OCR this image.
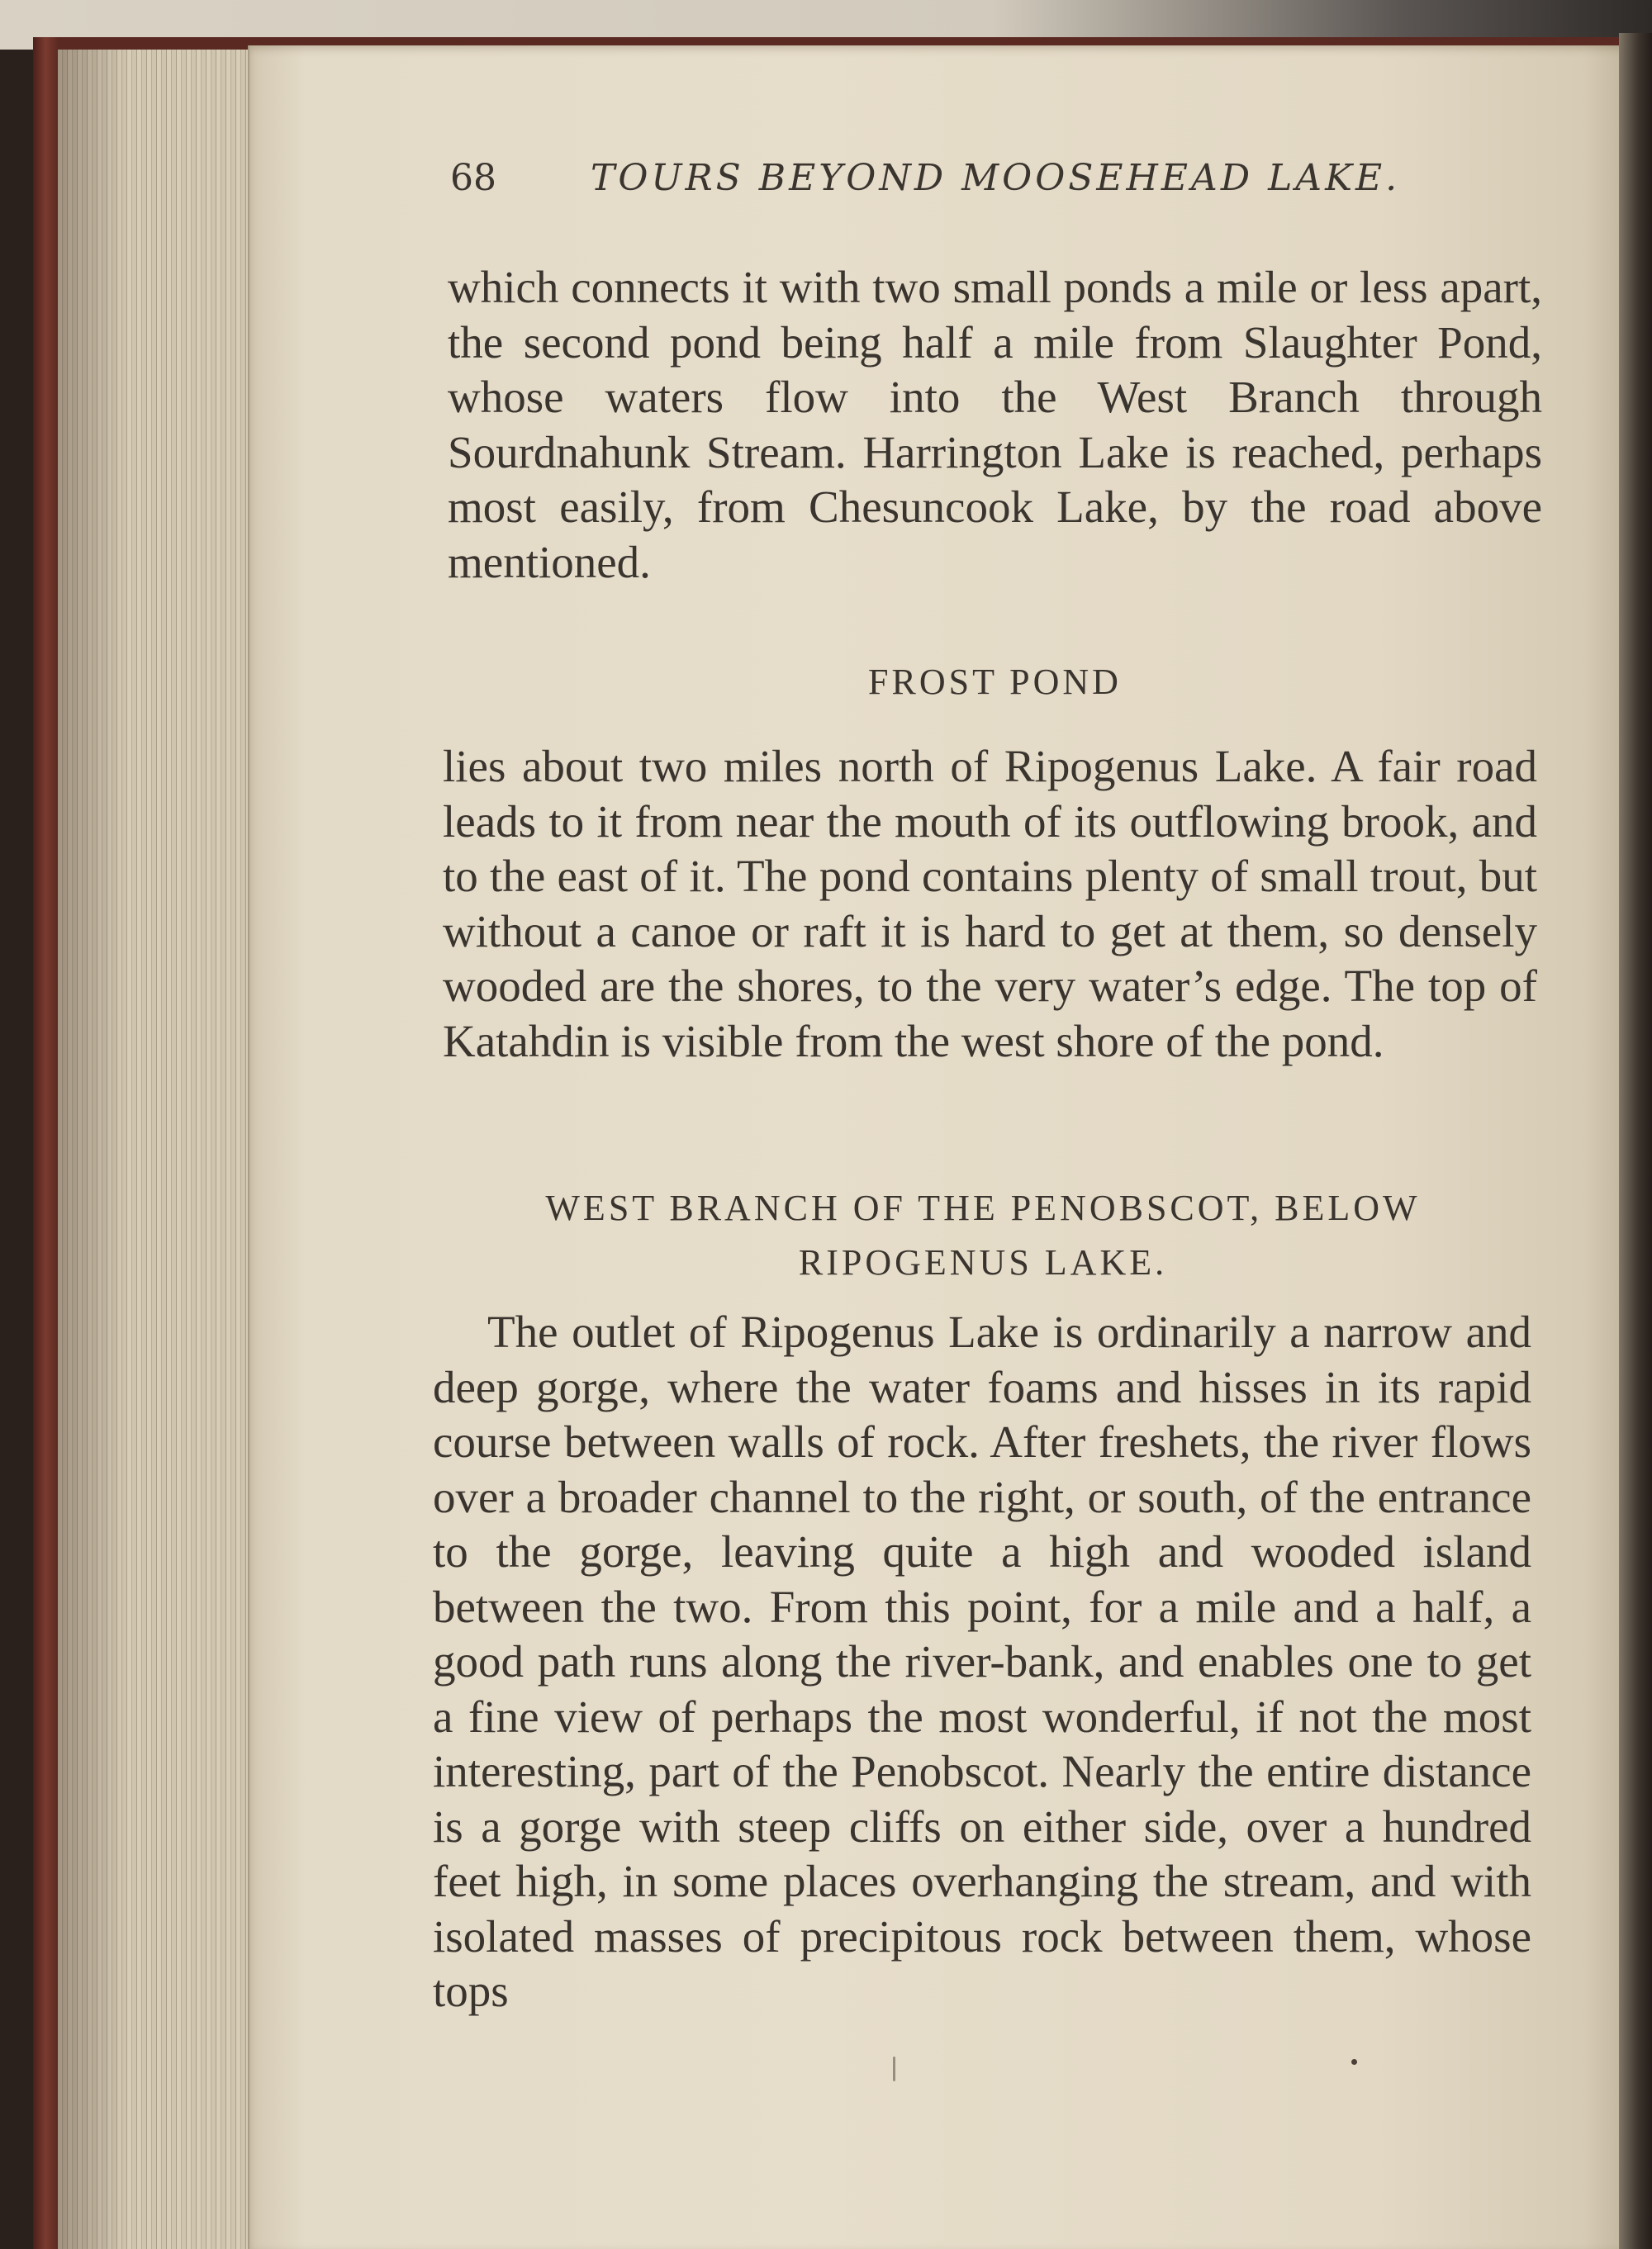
68	TOURS BEYOND MOOSEHEAD LAKE.
which connects it with two small ponds a mile or less apart, the second pond being half a mile from Slaughter Pond, whose waters flow into the West Branch through Sourdnahunk Stream. Harrington Lake is reached, perhaps most easily, from Chesuncook Lake, by the road above mentioned.
FROST POND
lies about two miles north of Ripogenus Lake. A fair road leads to it from near the mouth of its outflowing brook, and to the east of it. The pond contains plenty of small trout, but without a canoe or raft it is hard to get at them, so densely wooded are the shores, to the very water’s edge. The top of Katahdin is visible from the west shore of the pond.
WEST BRANCH OF THE PENOBSCOT, BELOW
RIPOGENUS LAKE.
The outlet of Ripogenus Lake is ordinarily a narrow and deep gorge, where the water foams and hisses in its rapid course between walls of rock. After freshets, the river flows over a broader channel to the right, or south, of the entrance to the gorge, leaving quite a high and wooded island between the two. From this point, for a mile and a half, a good path runs along the river-bank, and enables one to get a fine view of perhaps the most wonderful, if not the most interesting, part of the Penobscot. Nearly the entire distance is a gorge with steep cliffs on either side, over a hundred feet high, in some places overhanging the stream, and with isolated masses of precipitous rock between them, whose tops
